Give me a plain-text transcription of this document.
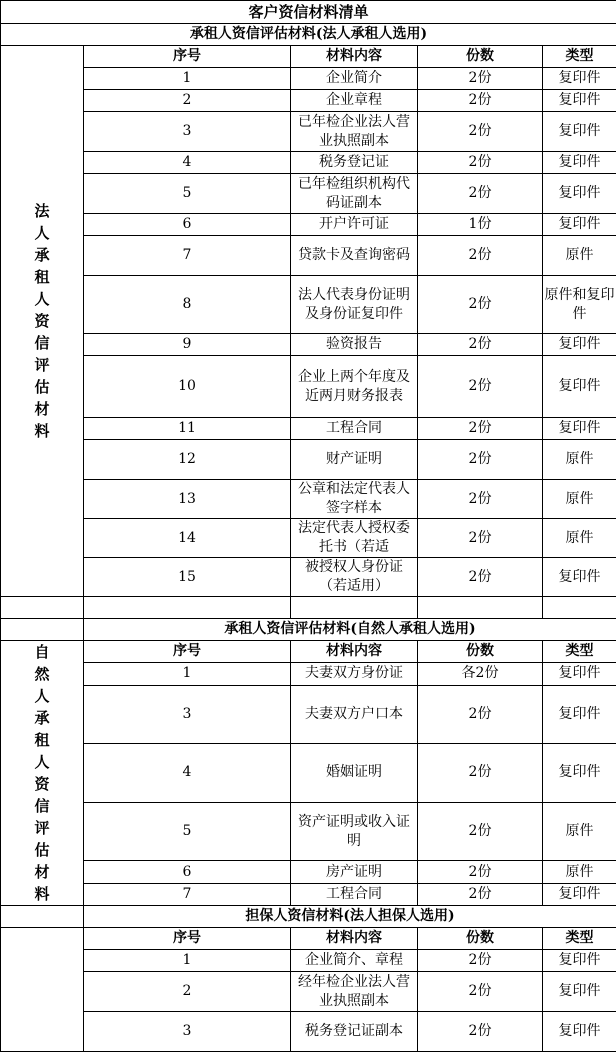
客户资信材料清单				
承租人资信评估材料(法人承租人选用)				

法人承租人资信评估材料	序号	材料内容	份数	类型
	1	企业简介	2份	复印件
	2	企业章程	2份	复印件
	3	已年检企业法人营业执照副本	2份	复印件
	4	税务登记证	2份	复印件
	5	已年检组织机构代码证副本	2份	复印件
	6	开户许可证	1份	复印件
	7	贷款卡及查询密码	2份	原件
	8	法人代表身份证明及身份证复印件	2份	原件和复印件
	9	验资报告	2份	复印件
	10	企业上两个年度及近两月财务报表	2份	复印件
	11	工程合同	2份	复印件
	12	财产证明	2份	原件
	13	公章和法定代表人签字样本	2份	原件
	14	法定代表人授权委托书（若适	2份	原件
	15	被授权人身份证（若适用）	2份	复印件

	承租人资信评估材料(自然人承租人选用)			

自然人承租人资信评估材料	序号	材料内容	份数	类型
	1	夫妻双方身份证	各2份	复印件
	3	夫妻双方户口本	2份	复印件
	4	婚姻证明	2份	复印件
	5	资产证明或收入证明	2份	原件
	6	房产证明	2份	原件
	7	工程合同	2份	复印件
	担保人资信材料(法人担保人选用)			

	序号	材料内容	份数	类型
	1	企业简介、章程	2份	复印件
	2	经年检企业法人营业执照副本	2份	复印件
	3	税务登记证副本	2份	复印件
